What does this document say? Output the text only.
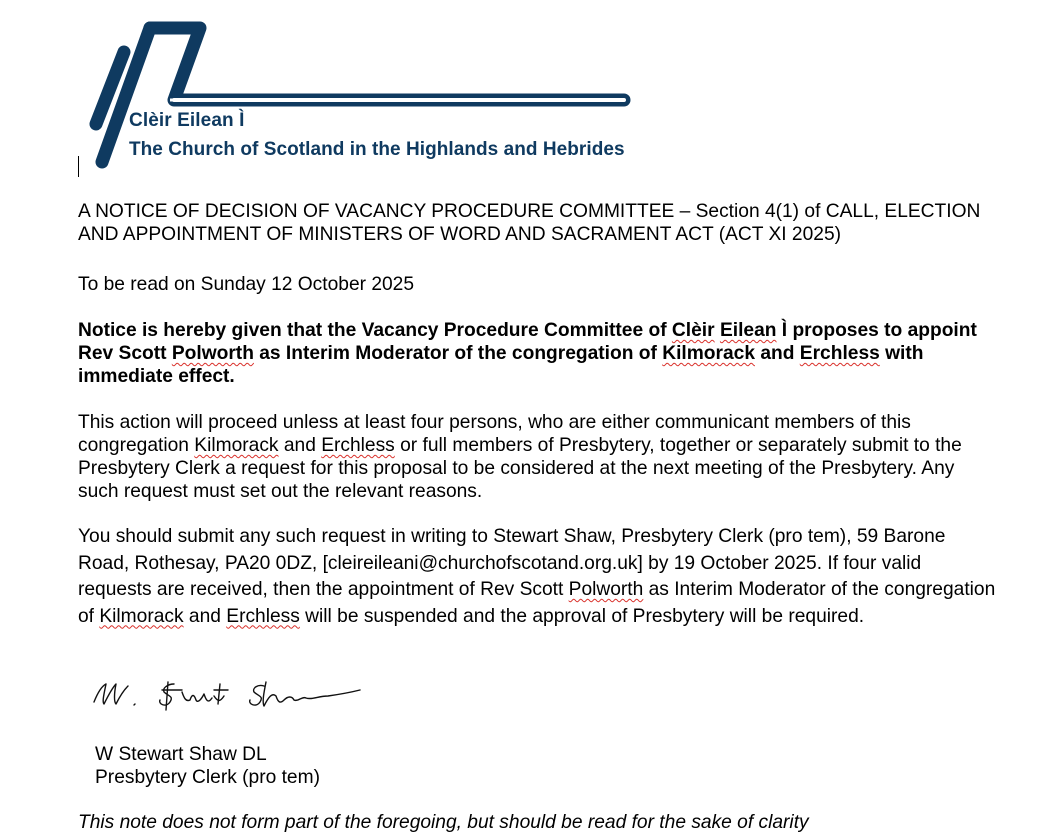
Clèir Eilean Ì
The Church of Scotland in the Highlands and Hebrides

A NOTICE OF DECISION OF VACANCY PROCEDURE COMMITTEE – Section 4(1) of CALL, ELECTION AND APPOINTMENT OF MINISTERS OF WORD AND SACRAMENT ACT (ACT XI 2025)

To be read on Sunday 12 October 2025

Notice is hereby given that the Vacancy Procedure Committee of Clèir Eilean Ì proposes to appoint Rev Scott Polworth as Interim Moderator of the congregation of Kilmorack and Erchless with immediate effect.

This action will proceed unless at least four persons, who are either communicant members of this congregation Kilmorack and Erchless or full members of Presbytery, together or separately submit to the Presbytery Clerk a request for this proposal to be considered at the next meeting of the Presbytery. Any such request must set out the relevant reasons.

You should submit any such request in writing to Stewart Shaw, Presbytery Clerk (pro tem), 59 Barone Road, Rothesay, PA20 0DZ, [cleireileani@churchofscotand.org.uk] by 19 October 2025. If four valid requests are received, then the appointment of Rev Scott Polworth as Interim Moderator of the congregation of Kilmorack and Erchless will be suspended and the approval of Presbytery will be required.

W Stewart Shaw DL
Presbytery Clerk (pro tem)

This note does not form part of the foregoing, but should be read for the sake of clarity
